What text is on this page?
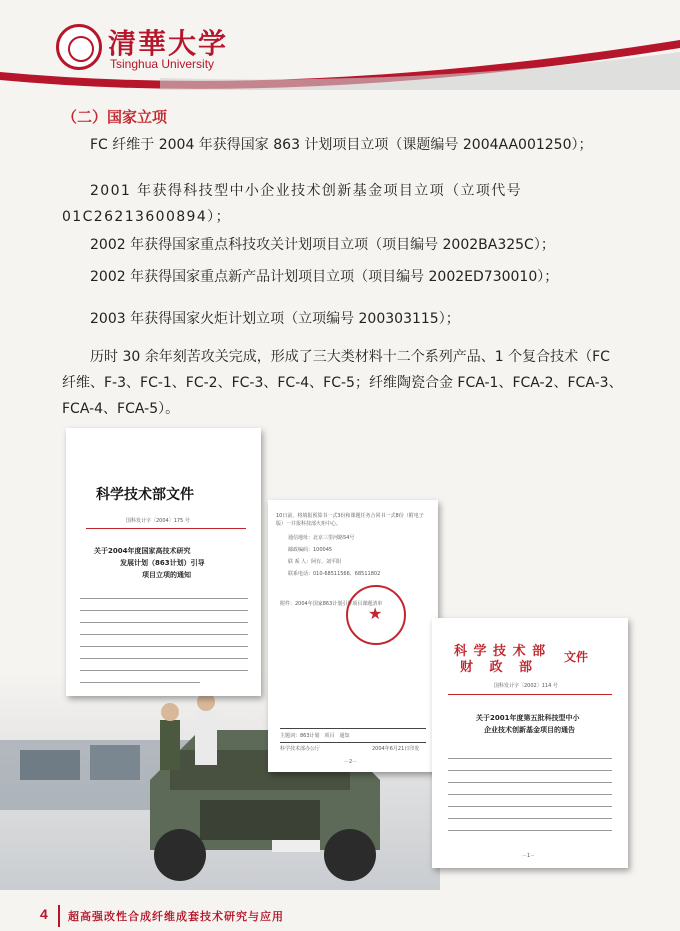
清華大学
Tsinghua University
（二）国家立项
FC 纤维于 2004 年获得国家 863 计划项目立项（课题编号 2004AA001250）；
2001 年获得科技型中小企业技术创新基金项目立项（立项代号 01C26213600894）；
2002 年获得国家重点科技攻关计划项目立项（项目编号 2002BA325C）；
2002 年获得国家重点新产品计划项目立项（项目编号 2002ED730010）；
2003 年获得国家火炬计划立项（立项编号 200303115）；
历时 30 余年刻苦攻关完成，形成了三大类材料十二个系列产品、1 个复合技术（FC 纤维、F-3、FC-1、FC-2、FC-3、FC-4、FC-5；纤维陶瓷合金 FCA-1、FCA-2、FCA-3、FCA-4、FCA-5）。
科学技术部文件
国科发计字〔2004〕175 号
关于2004年度国家高技术研究
发展计划（863计划）引导
项目立项的通知
10日前，将填报预算书一式3份和课题任务合同书一式8份（附电子版）一并报科技部火炬中心。
通信地址：北京三里河路54号
邮政编码：100045
联 系 人：阿有、刘平阳
联系电话：010-68511566、68511802
附件：2004年国家863计划引导项目课题清单
主题词：863计划　项目　通知
科学技术部办公厅	2004年6月21日印发
－2－
★
科 学 技 术 部
财 政 部
文件
国科发计字〔2002〕114 号
关于2001年度第五批科技型中小
企业技术创新基金项目的通告
－1－
4 超高强改性合成纤维成套技术研究与应用
